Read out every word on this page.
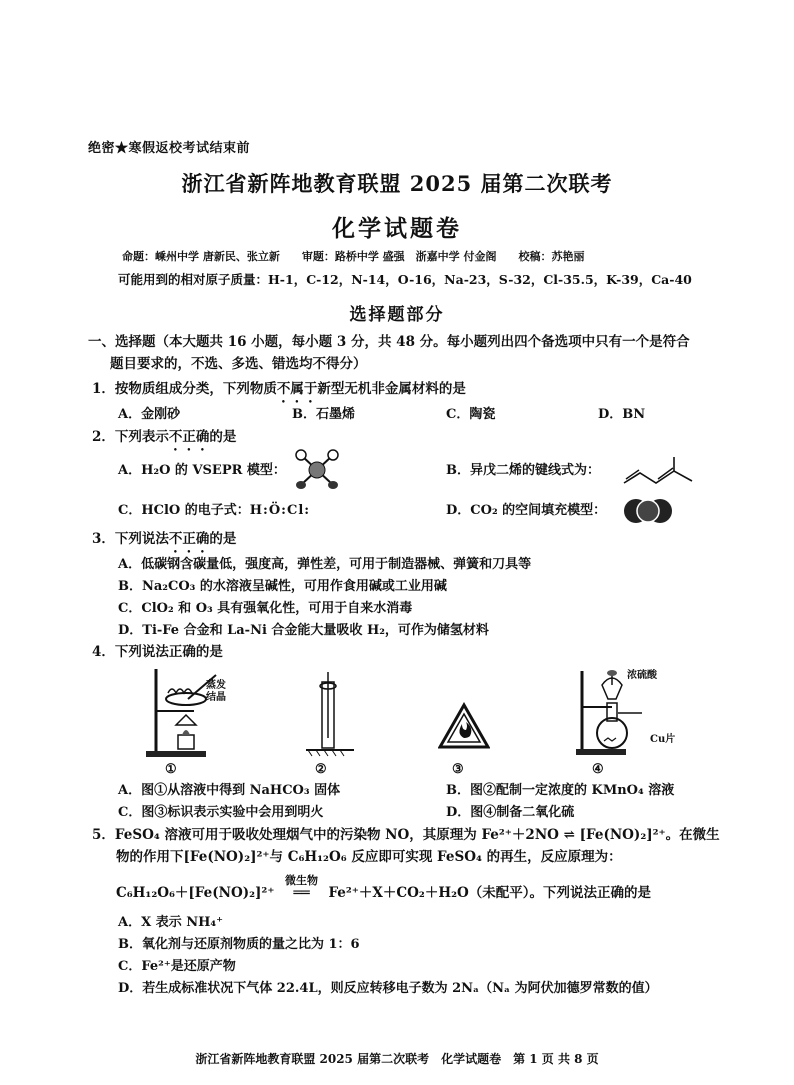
绝密★寒假返校考试结束前
浙江省新阵地教育联盟 2025 届第二次联考
化学试题卷
命题：嵊州中学 唐新民、张立新　　审题：路桥中学 盛强　浙嘉中学 付金阁　　校稿：苏艳丽
可能用到的相对原子质量：H-1，C-12，N-14，O-16，Na-23，S-32，Cl-35.5，K-39，Ca-40
选择题部分
一、选择题（本大题共 16 小题，每小题 3 分，共 48 分。每小题列出四个备选项中只有一个是符合
题目要求的，不选、多选、错选均不得分）
1．按物质组成分类，下列物质不属于新型无机非金属材料的是
A．金刚砂	B．石墨烯	C．陶瓷	D．BN
2．下列表示不正确的是
A．H₂O 的 VSEPR 模型：	B．异戊二烯的键线式为：
C．HClO 的电子式：H:Ö:Cl:	D．CO₂ 的空间填充模型：
3．下列说法不正确的是
A．低碳钢含碳量低，强度高，弹性差，可用于制造器械、弹簧和刀具等
B．Na₂CO₃ 的水溶液呈碱性，可用作食用碱或工业用碱
C．ClO₂ 和 O₃ 具有强氧化性，可用于自来水消毒
D．Ti-Fe 合金和 La-Ni 合金能大量吸收 H₂，可作为储氢材料
4．下列说法正确的是
蒸发结晶
①	②	③
浓硫酸
Cu片
④
A．图①从溶液中得到 NaHCO₃ 固体	B．图②配制一定浓度的 KMnO₄ 溶液
C．图③标识表示实验中会用到明火	D．图④制备二氧化硫
5．FeSO₄ 溶液可用于吸收处理烟气中的污染物 NO，其原理为 Fe²⁺＋2NO ⇌ [Fe(NO)₂]²⁺。在微生
物的作用下[Fe(NO)₂]²⁺与 C₆H₁₂O₆ 反应即可实现 FeSO₄ 的再生，反应原理为：
C₆H₁₂O₆＋[Fe(NO)₂]²⁺
微生物
══ Fe²⁺＋X＋CO₂＋H₂O（未配平）。下列说法正确的是
A．X 表示 NH₄⁺
B．氧化剂与还原剂物质的量之比为 1：6
C．Fe²⁺是还原产物
D．若生成标准状况下气体 22.4L，则反应转移电子数为 2Nₐ（Nₐ 为阿伏加德罗常数的值）
浙江省新阵地教育联盟 2025 届第二次联考　化学试题卷　第 1 页 共 8 页
